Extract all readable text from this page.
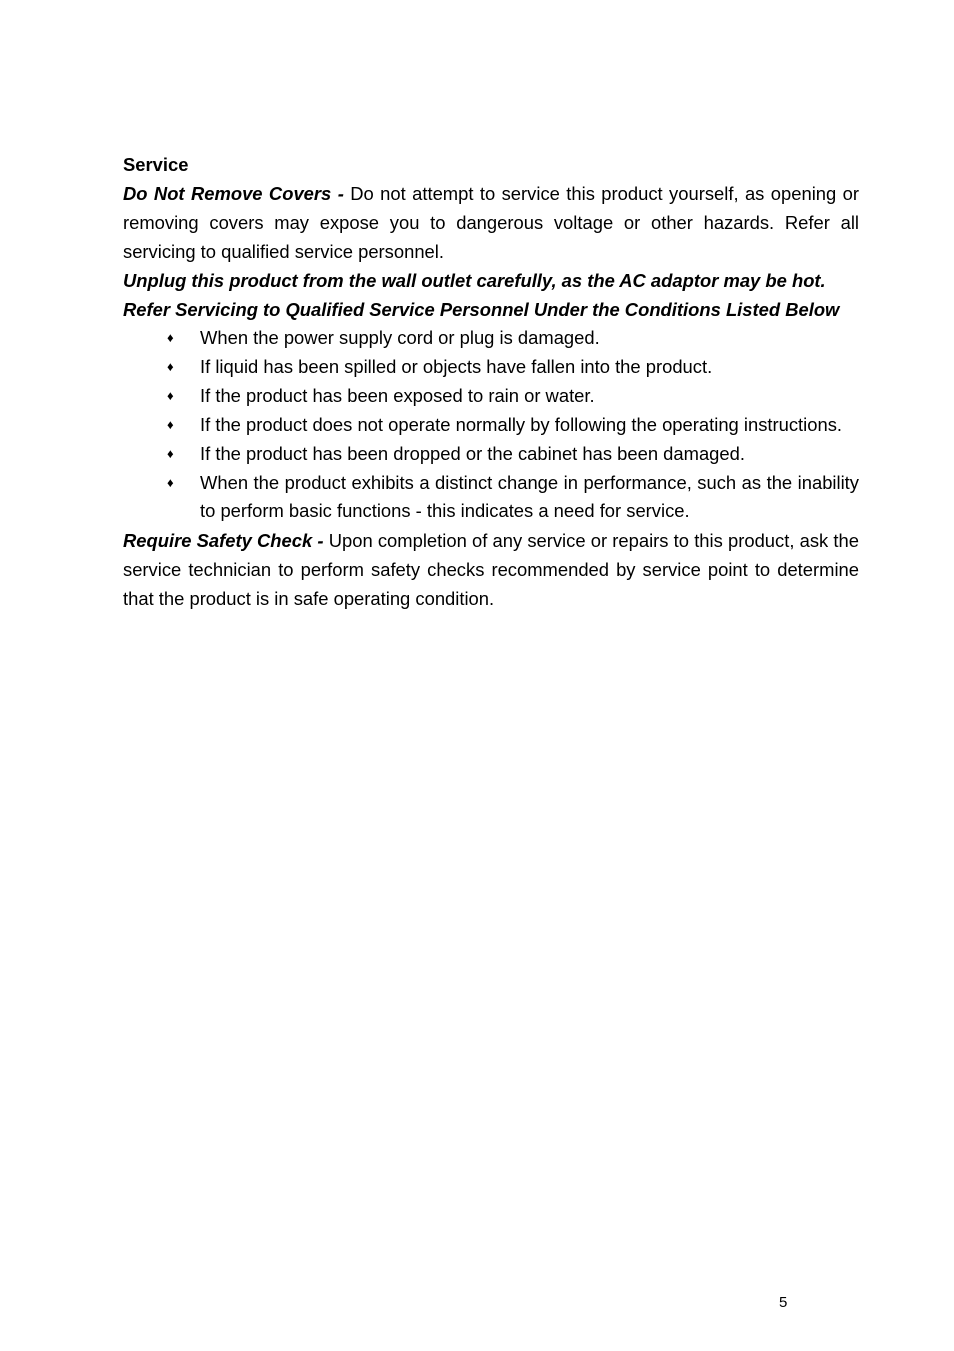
Service

Do Not Remove Covers - Do not attempt to service this product yourself, as opening or removing covers may expose you to dangerous voltage or other hazards. Refer all servicing to qualified service personnel.

Unplug this product from the wall outlet carefully, as the AC adaptor may be hot.

Refer Servicing to Qualified Service Personnel Under the Conditions Listed Below

♦ When the power supply cord or plug is damaged.
♦ If liquid has been spilled or objects have fallen into the product.
♦ If the product has been exposed to rain or water.
♦ If the product does not operate normally by following the operating instructions.
♦ If the product has been dropped or the cabinet has been damaged.
♦ When the product exhibits a distinct change in performance, such as the inability to perform basic functions - this indicates a need for service.

Require Safety Check - Upon completion of any service or repairs to this product, ask the service technician to perform safety checks recommended by service point to determine that the product is in safe operating condition.

5
